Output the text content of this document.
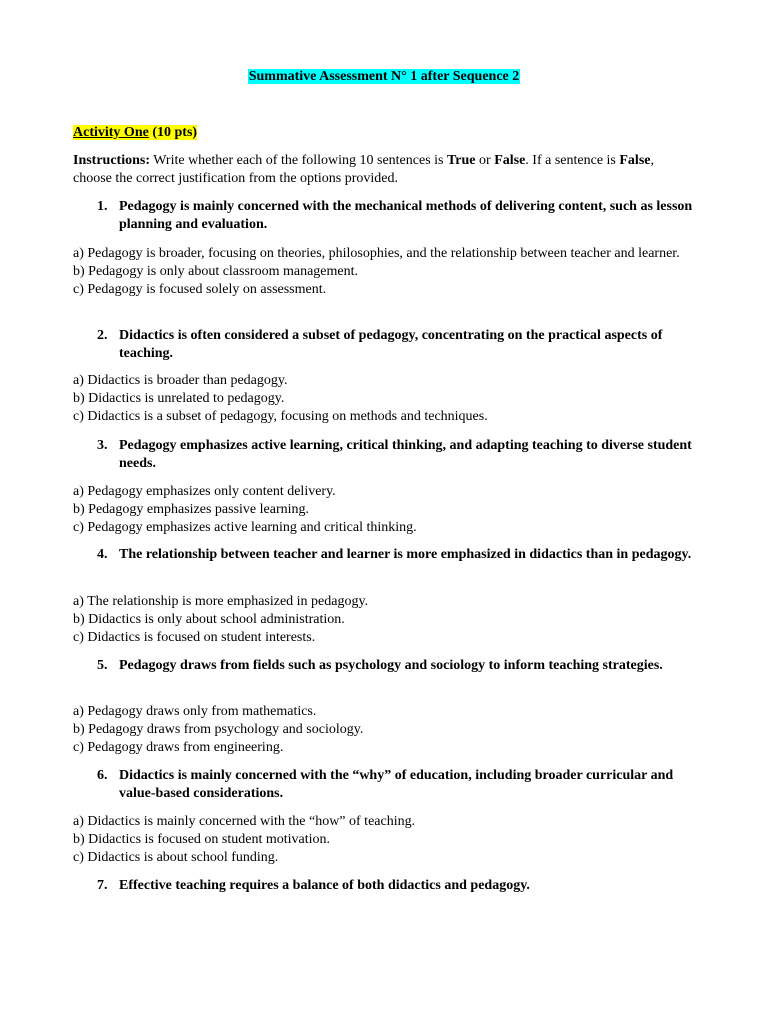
Summative Assessment N° 1 after Sequence 2
Activity One (10 pts)
Instructions: Write whether each of the following 10 sentences is True or False. If a sentence is False, choose the correct justification from the options provided.
1. Pedagogy is mainly concerned with the mechanical methods of delivering content, such as lesson planning and evaluation.
a) Pedagogy is broader, focusing on theories, philosophies, and the relationship between teacher and learner.
b) Pedagogy is only about classroom management.
c) Pedagogy is focused solely on assessment.
2. Didactics is often considered a subset of pedagogy, concentrating on the practical aspects of teaching.
a) Didactics is broader than pedagogy.
b) Didactics is unrelated to pedagogy.
c) Didactics is a subset of pedagogy, focusing on methods and techniques.
3. Pedagogy emphasizes active learning, critical thinking, and adapting teaching to diverse student needs.
a) Pedagogy emphasizes only content delivery.
b) Pedagogy emphasizes passive learning.
c) Pedagogy emphasizes active learning and critical thinking.
4. The relationship between teacher and learner is more emphasized in didactics than in pedagogy.
a) The relationship is more emphasized in pedagogy.
b) Didactics is only about school administration.
c) Didactics is focused on student interests.
5. Pedagogy draws from fields such as psychology and sociology to inform teaching strategies.
a) Pedagogy draws only from mathematics.
b) Pedagogy draws from psychology and sociology.
c) Pedagogy draws from engineering.
6. Didactics is mainly concerned with the “why” of education, including broader curricular and value-based considerations.
a) Didactics is mainly concerned with the “how” of teaching.
b) Didactics is focused on student motivation.
c) Didactics is about school funding.
7. Effective teaching requires a balance of both didactics and pedagogy.
